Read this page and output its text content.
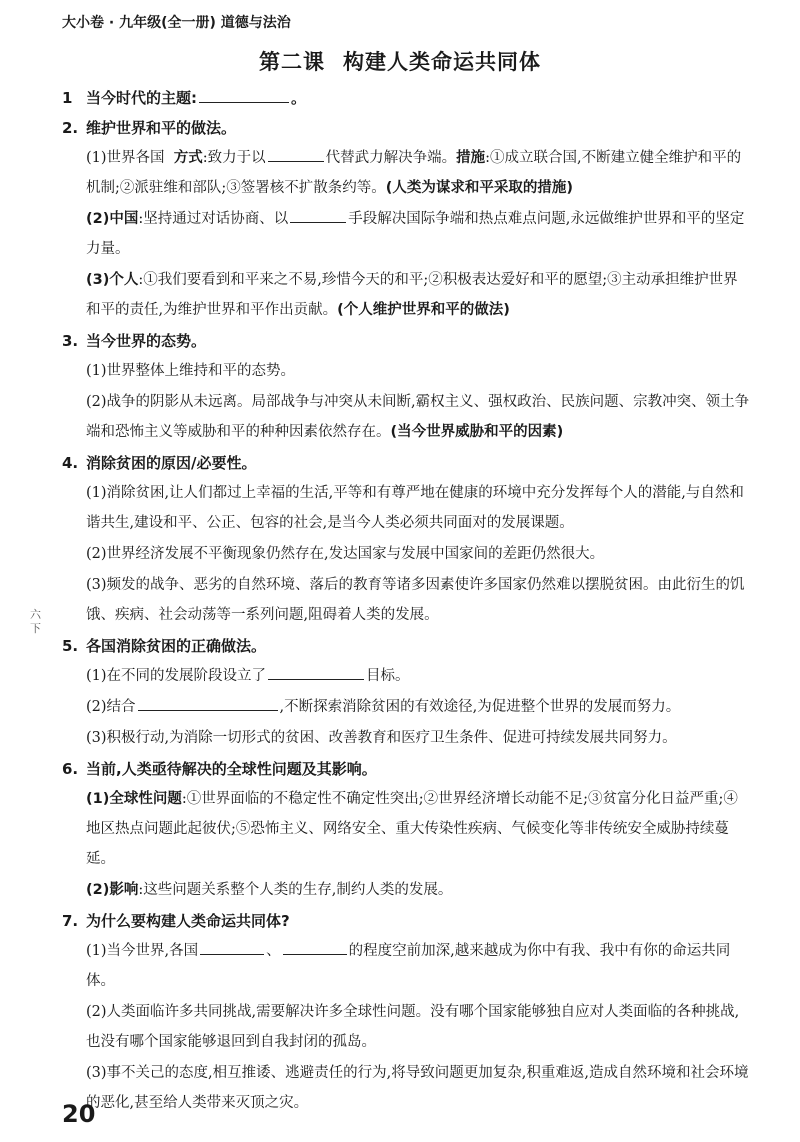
大小卷 · 九年级(全一册) 道德与法治
第二课 构建人类命运共同体
六
下
1 当今时代的主题:	。
2. 维护世界和平的做法。
(1)世界各国 方式:致力于以	代替武力解决争端。措施:①成立联合国,不断建立健全维护和平的机制;②派驻维和部队;③签署核不扩散条约等。(人类为谋求和平采取的措施)
(2)中国:坚持通过对话协商、以	手段解决国际争端和热点难点问题,永远做维护世界和平的坚定力量。
(3)个人:①我们要看到和平来之不易,珍惜今天的和平;②积极表达爱好和平的愿望;③主动承担维护世界和平的责任,为维护世界和平作出贡献。(个人维护世界和平的做法)
3. 当今世界的态势。
(1)世界整体上维持和平的态势。
(2)战争的阴影从未远离。局部战争与冲突从未间断,霸权主义、强权政治、民族问题、宗教冲突、领土争端和恐怖主义等威胁和平的种种因素依然存在。(当今世界威胁和平的因素)
4. 消除贫困的原因/必要性。
(1)消除贫困,让人们都过上幸福的生活,平等和有尊严地在健康的环境中充分发挥每个人的潜能,与自然和谐共生,建设和平、公正、包容的社会,是当今人类必须共同面对的发展课题。
(2)世界经济发展不平衡现象仍然存在,发达国家与发展中国家间的差距仍然很大。
(3)频发的战争、恶劣的自然环境、落后的教育等诸多因素使许多国家仍然难以摆脱贫困。由此衍生的饥饿、疾病、社会动荡等一系列问题,阻碍着人类的发展。
5. 各国消除贫困的正确做法。
(1)在不同的发展阶段设立了	目标。
(2)结合	,不断探索消除贫困的有效途径,为促进整个世界的发展而努力。
(3)积极行动,为消除一切形式的贫困、改善教育和医疗卫生条件、促进可持续发展共同努力。
6. 当前,人类亟待解决的全球性问题及其影响。
(1)全球性问题:①世界面临的不稳定性不确定性突出;②世界经济增长动能不足;③贫富分化日益严重;④地区热点问题此起彼伏;⑤恐怖主义、网络安全、重大传染性疾病、气候变化等非传统安全威胁持续蔓延。
(2)影响:这些问题关系整个人类的生存,制约人类的发展。
7. 为什么要构建人类命运共同体?
(1)当今世界,各国	、	的程度空前加深,越来越成为你中有我、我中有你的命运共同体。
(2)人类面临许多共同挑战,需要解决许多全球性问题。没有哪个国家能够独自应对人类面临的各种挑战,也没有哪个国家能够退回到自我封闭的孤岛。
(3)事不关己的态度,相互推诿、逃避责任的行为,将导致问题更加复杂,积重难返,造成自然环境和社会环境的恶化,甚至给人类带来灭顶之灾。
20
